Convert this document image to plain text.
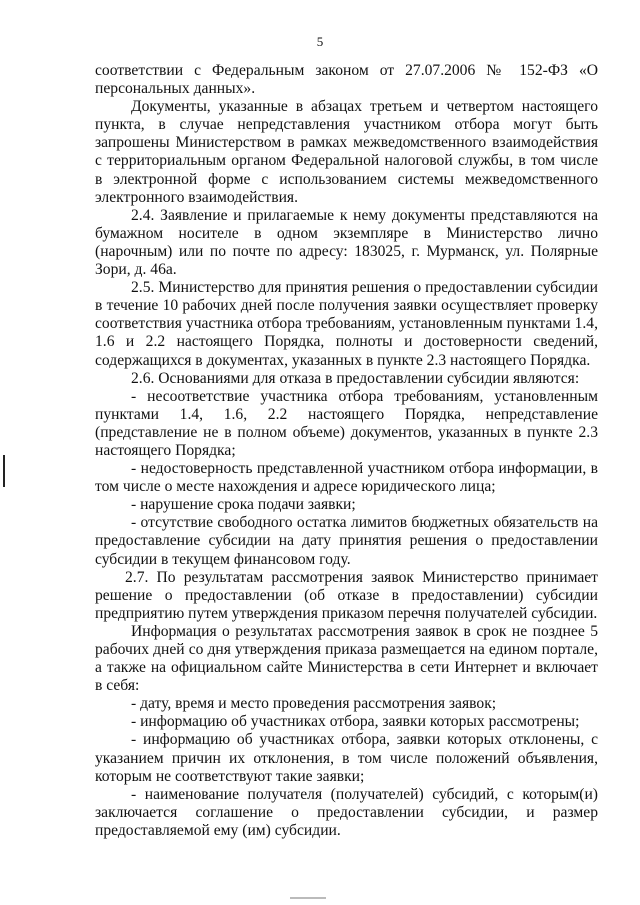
5

соответствии с Федеральным законом от 27.07.2006 № 152-ФЗ «О персональных данных».

Документы, указанные в абзацах третьем и четвертом настоящего пункта, в случае непредставления участником отбора могут быть запрошены Министерством в рамках межведомственного взаимодействия с территориальным органом Федеральной налоговой службы, в том числе в электронной форме с использованием системы межведомственного электронного взаимодействия.

2.4. Заявление и прилагаемые к нему документы представляются на бумажном носителе в одном экземпляре в Министерство лично (нарочным) или по почте по адресу: 183025, г. Мурманск, ул. Полярные Зори, д. 46а.

2.5. Министерство для принятия решения о предоставлении субсидии в течение 10 рабочих дней после получения заявки осуществляет проверку соответствия участника отбора требованиям, установленным пунктами 1.4, 1.6 и 2.2 настоящего Порядка, полноты и достоверности сведений, содержащихся в документах, указанных в пункте 2.3 настоящего Порядка.

2.6. Основаниями для отказа в предоставлении субсидии являются:

- несоответствие участника отбора требованиям, установленным пунктами 1.4, 1.6, 2.2 настоящего Порядка, непредставление (представление не в полном объеме) документов, указанных в пункте 2.3 настоящего Порядка;

- недостоверность представленной участником отбора информации, в том числе о месте нахождения и адресе юридического лица;

- нарушение срока подачи заявки;

- отсутствие свободного остатка лимитов бюджетных обязательств на предоставление субсидии на дату принятия решения о предоставлении субсидии в текущем финансовом году.

2.7. По результатам рассмотрения заявок Министерство принимает решение о предоставлении (об отказе в предоставлении) субсидии предприятию путем утверждения приказом перечня получателей субсидии.

Информация о результатах рассмотрения заявок в срок не позднее 5 рабочих дней со дня утверждения приказа размещается на едином портале, а также на официальном сайте Министерства в сети Интернет и включает в себя:

- дату, время и место проведения рассмотрения заявок;

- информацию об участниках отбора, заявки которых рассмотрены;

- информацию об участниках отбора, заявки которых отклонены, с указанием причин их отклонения, в том числе положений объявления, которым не соответствуют такие заявки;

- наименование получателя (получателей) субсидий, с которым(и) заключается соглашение о предоставлении субсидии, и размер предоставляемой ему (им) субсидии.
